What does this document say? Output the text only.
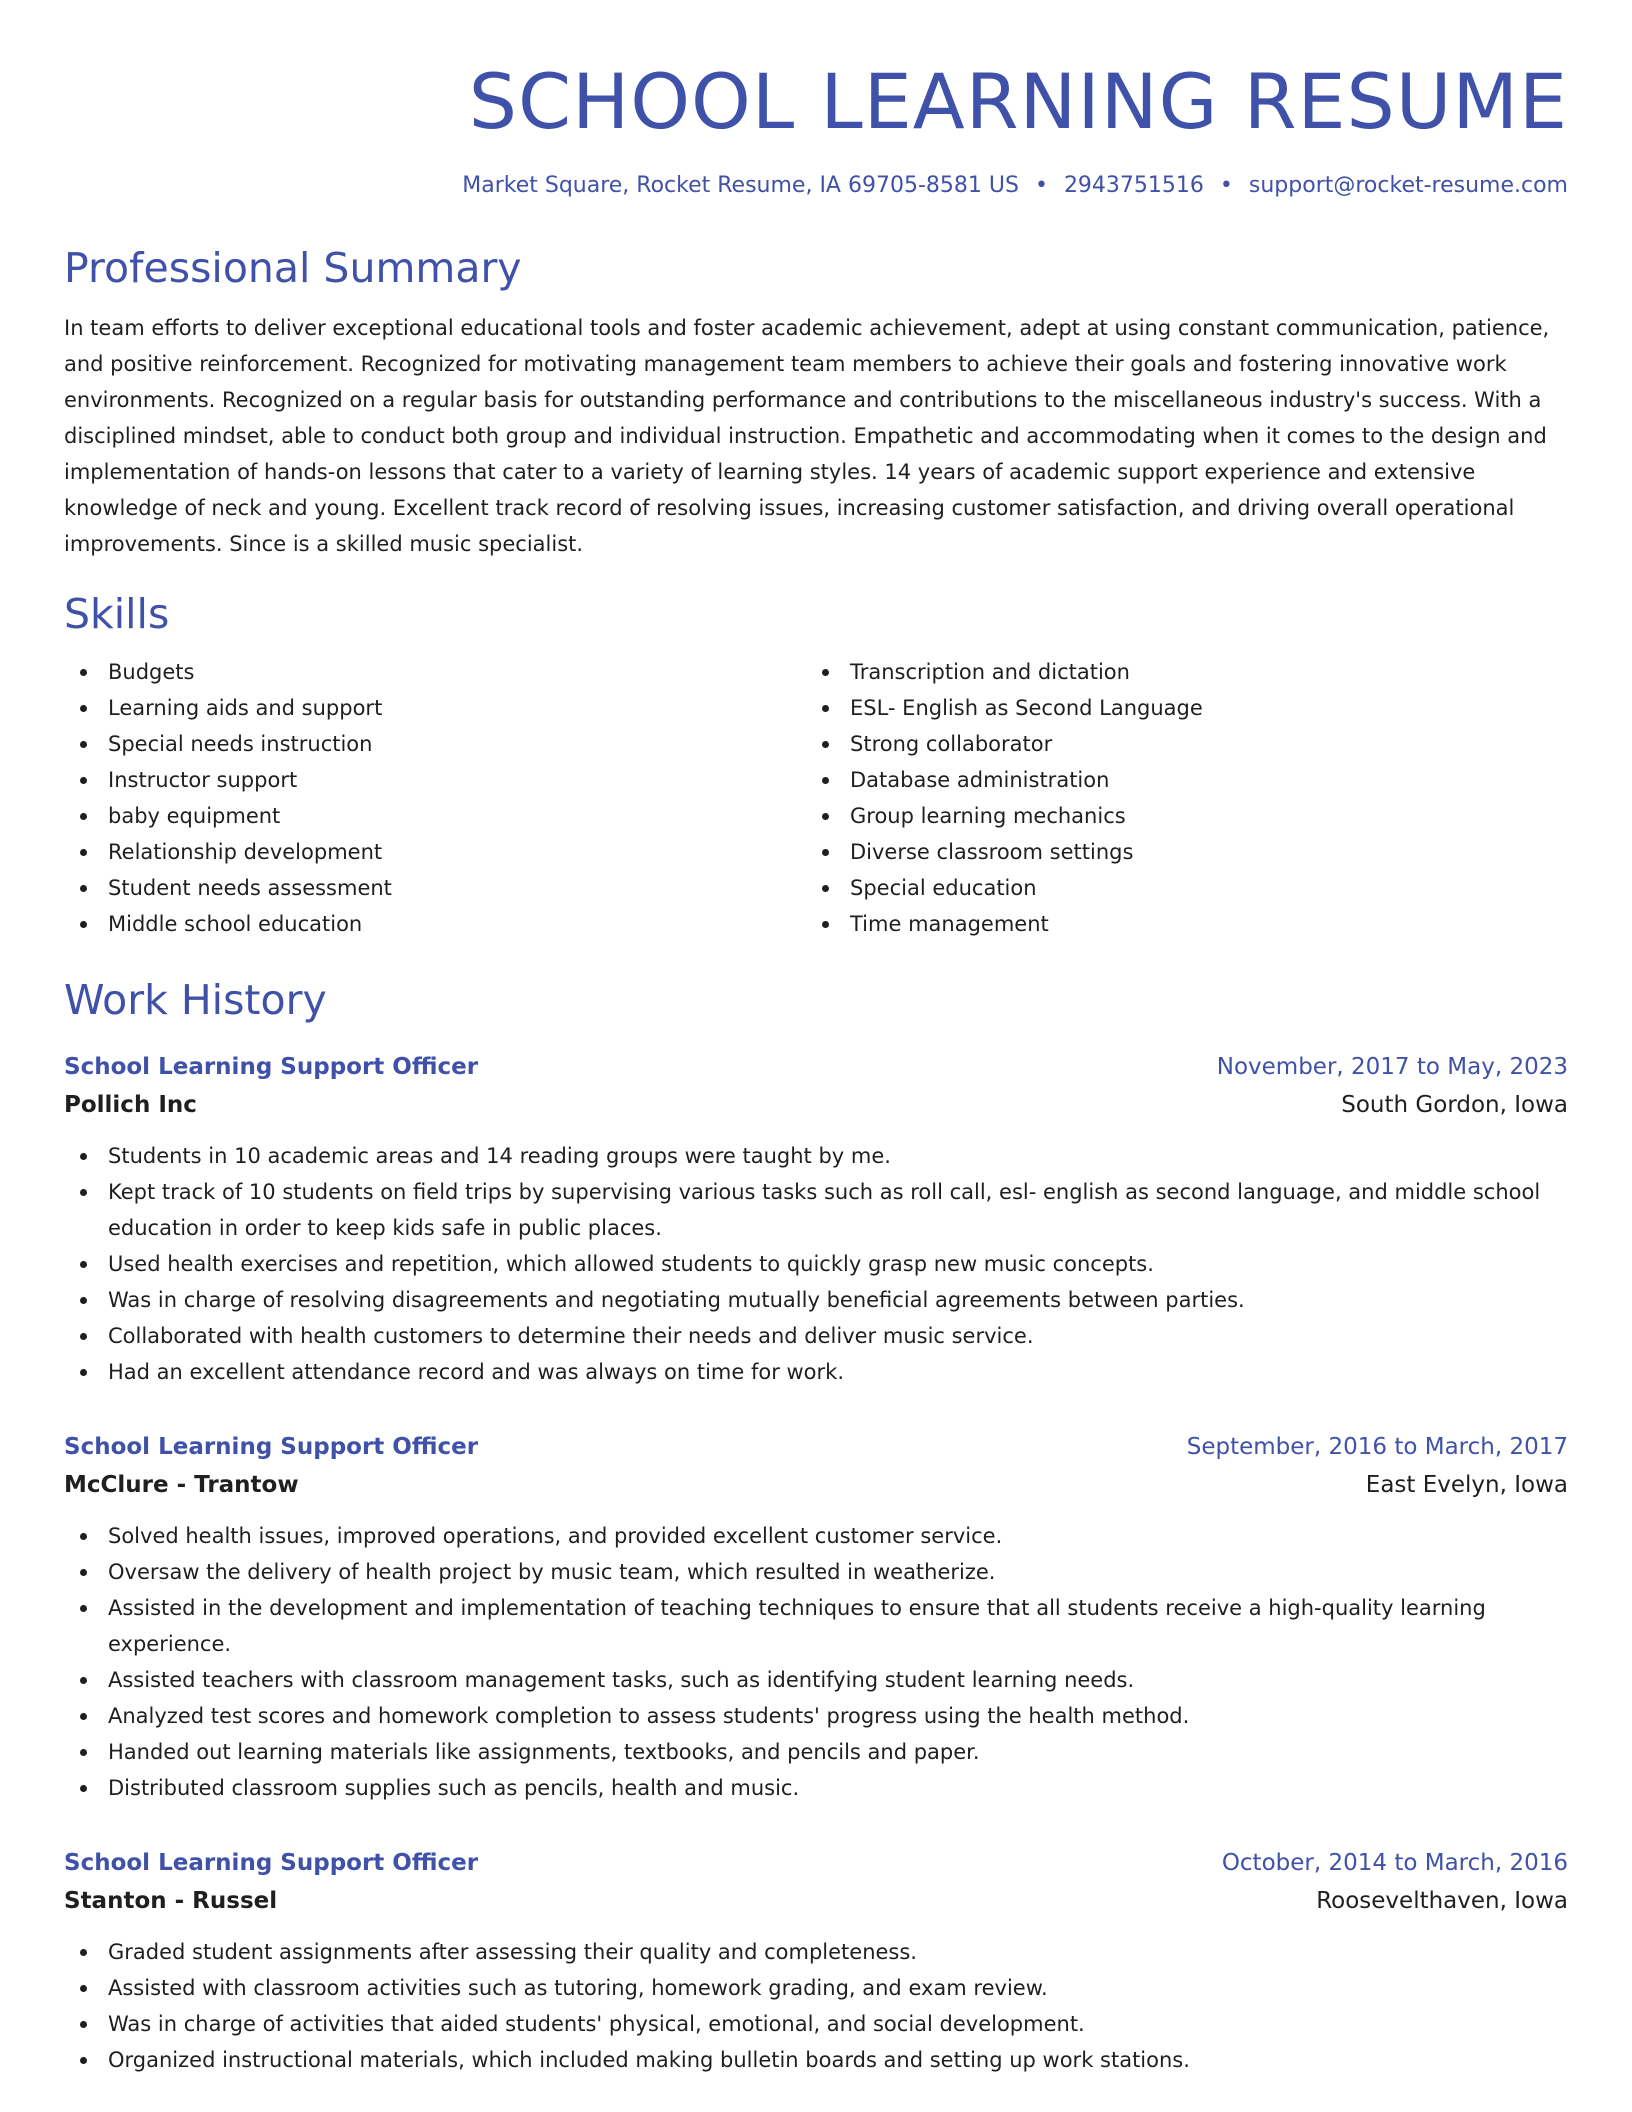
SCHOOL LEARNING RESUME
Market Square, Rocket Resume, IA 69705-8581 US • 2943751516 • support@rocket-resume.com
Professional Summary

In team efforts to deliver exceptional educational tools and foster academic achievement, adept at using constant communication, patience, and positive reinforcement. Recognized for motivating management team members to achieve their goals and fostering innovative work environments. Recognized on a regular basis for outstanding performance and contributions to the miscellaneous industry's success. With a disciplined mindset, able to conduct both group and individual instruction. Empathetic and accommodating when it comes to the design and implementation of hands-on lessons that cater to a variety of learning styles. 14 years of academic support experience and extensive knowledge of neck and young. Excellent track record of resolving issues, increasing customer satisfaction, and driving overall operational improvements. Since is a skilled music specialist.

Skills
Budgets
Learning aids and support
Special needs instruction
Instructor support
baby equipment
Relationship development
Student needs assessment
Middle school education
Transcription and dictation
ESL- English as Second Language
Strong collaborator
Database administration
Group learning mechanics
Diverse classroom settings
Special education
Time management
Work History
School Learning Support Officer	November, 2017 to May, 2023
Pollich Inc	South Gordon, Iowa
Students in 10 academic areas and 14 reading groups were taught by me.
Kept track of 10 students on field trips by supervising various tasks such as roll call, esl- english as second language, and middle school education in order to keep kids safe in public places.
Used health exercises and repetition, which allowed students to quickly grasp new music concepts.
Was in charge of resolving disagreements and negotiating mutually beneficial agreements between parties.
Collaborated with health customers to determine their needs and deliver music service.
Had an excellent attendance record and was always on time for work.
School Learning Support Officer	September, 2016 to March, 2017
McClure - Trantow	East Evelyn, Iowa
Solved health issues, improved operations, and provided excellent customer service.
Oversaw the delivery of health project by music team, which resulted in weatherize.
Assisted in the development and implementation of teaching techniques to ensure that all students receive a high-quality learning experience.
Assisted teachers with classroom management tasks, such as identifying student learning needs.
Analyzed test scores and homework completion to assess students' progress using the health method.
Handed out learning materials like assignments, textbooks, and pencils and paper.
Distributed classroom supplies such as pencils, health and music.
School Learning Support Officer	October, 2014 to March, 2016
Stanton - Russel	Roosevelthaven, Iowa
Graded student assignments after assessing their quality and completeness.
Assisted with classroom activities such as tutoring, homework grading, and exam review.
Was in charge of activities that aided students' physical, emotional, and social development.
Organized instructional materials, which included making bulletin boards and setting up work stations.
